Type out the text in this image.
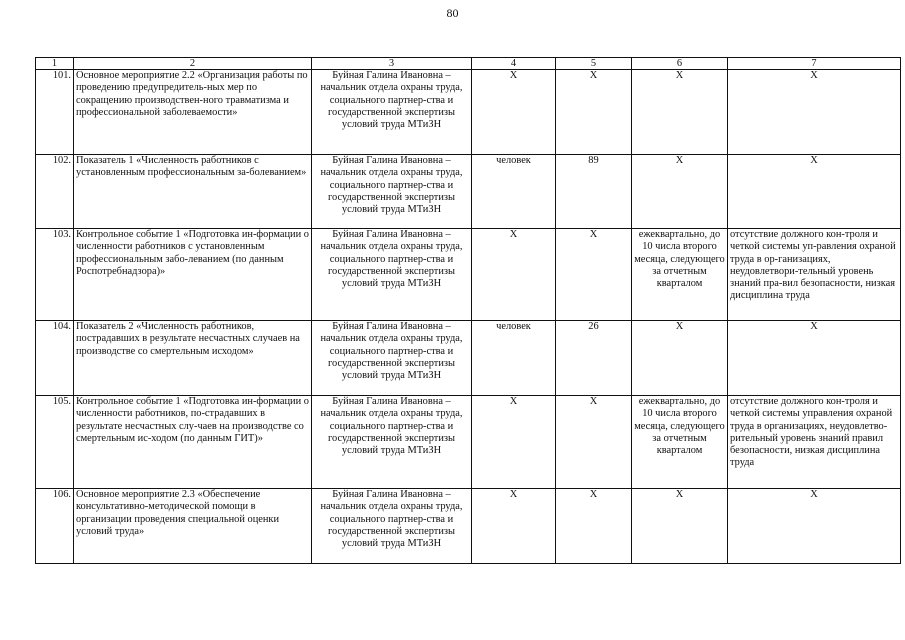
80
1	2	3	4	5	6	7
101.	Основное мероприятие 2.2 «Организация работы по проведению предупредитель-ных мер по сокращению производствен-ного травматизма и профессиональной заболеваемости»	Буйная Галина Ивановна – начальник отдела охраны труда, социального партнер-ства и государственной экспертизы условий труда МТиЗН	Х	Х	Х	Х
102.	Показатель 1 «Численность работников с установленным профессиональным за-болеванием»	Буйная Галина Ивановна – начальник отдела охраны труда, социального партнер-ства и государственной экспертизы условий труда МТиЗН	человек	89	Х	Х
103.	Контрольное событие 1 «Подготовка ин-формации о численности работников с установленным профессиональным забо-леванием (по данным Роспотребнадзора)»	Буйная Галина Ивановна – начальник отдела охраны труда, социального партнер-ства и государственной экспертизы условий труда МТиЗН	Х	Х	ежеквартально, до 10 числа второго месяца, следующего за отчетным кварталом	отсутствие должного кон-троля и четкой системы уп-равления охраной труда в ор-ганизациях, неудовлетвори-тельный уровень знаний пра-вил безопасности, низкая дисциплина труда
104.	Показатель 2 «Численность работников, пострадавших в результате несчастных случаев на производстве со смертельным исходом»	Буйная Галина Ивановна – начальник отдела охраны труда, социального партнер-ства и государственной экспертизы условий труда МТиЗН	человек	26	Х	Х
105.	Контрольное событие 1 «Подготовка ин-формации о численности работников, по-страдавших в результате несчастных слу-чаев на производстве со смертельным ис-ходом (по данным ГИТ)»	Буйная Галина Ивановна – начальник отдела охраны труда, социального партнер-ства и государственной экспертизы условий труда МТиЗН	Х	Х	ежеквартально, до 10 числа второго месяца, следующего за отчетным кварталом	отсутствие должного кон-троля и четкой системы управления охраной труда в организациях, неудовлетво-рительный уровень знаний правил безопасности, низкая дисциплина труда
106.	Основное мероприятие 2.3 «Обеспечение консультативно-методической помощи в организации проведения специальной оценки условий труда»	Буйная Галина Ивановна – начальник отдела охраны труда, социального партнер-ства и государственной экспертизы условий труда МТиЗН	Х	Х	Х	Х
